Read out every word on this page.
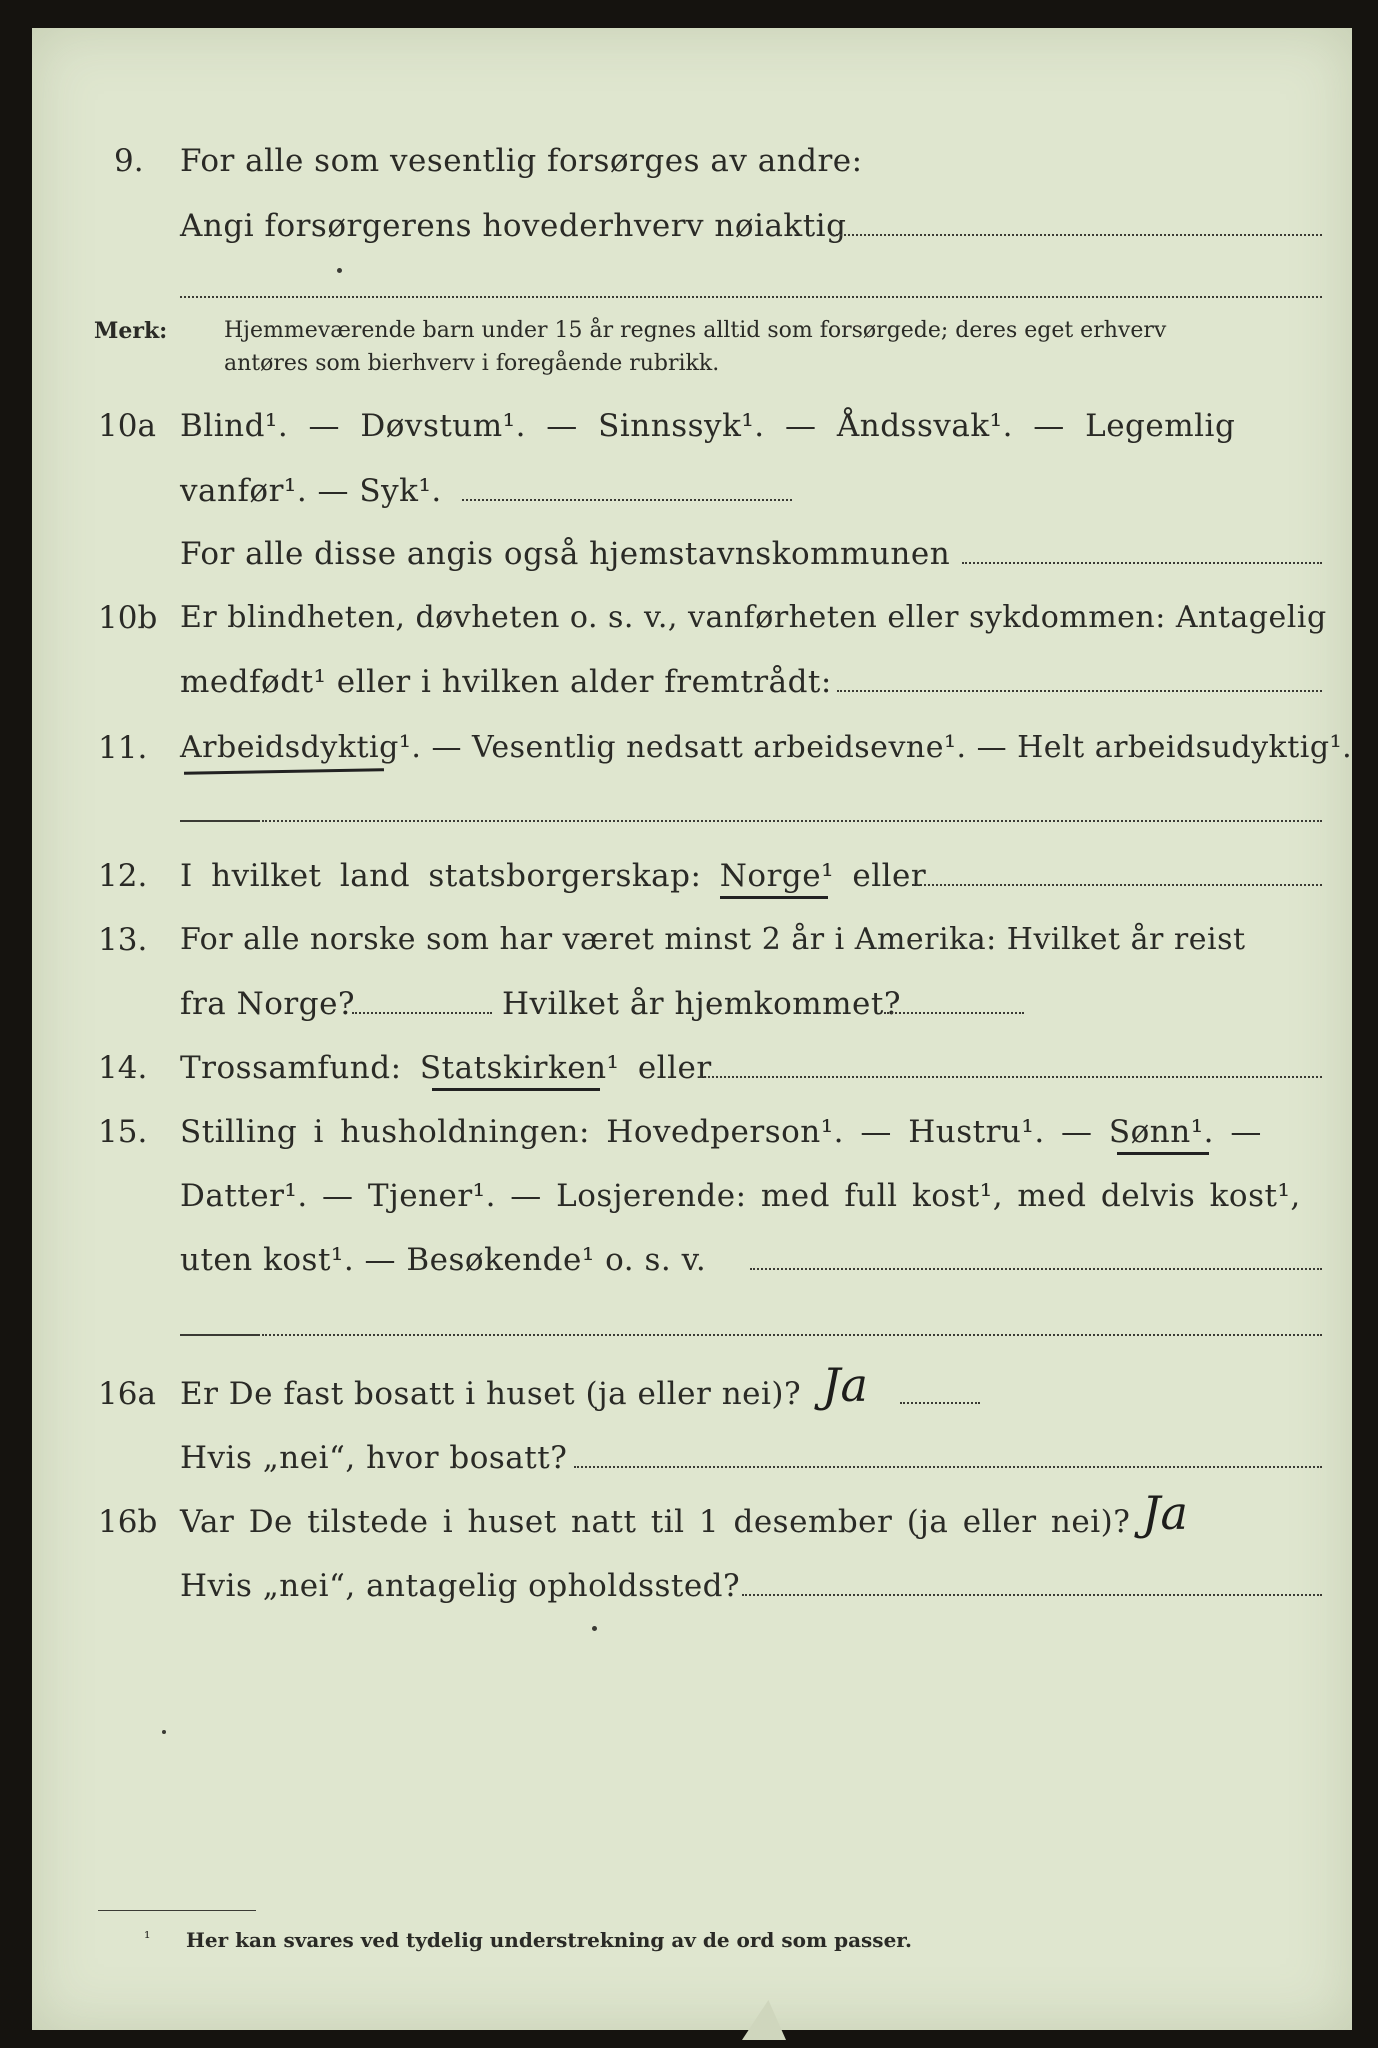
9. For alle som vesentlig forsørges av andre:
Angi forsørgerens hovederhverv nøiaktig
Merk:	Hjemmeværende barn under 15 år regnes alltid som forsørgede; deres eget erhverv
antøres som bierhverv i foregående rubrikk.
10a Blind¹. — Døvstum¹. — Sinnssyk¹. — Åndssvak¹. — Legemlig
vanfør¹. — Syk¹.
For alle disse angis også hjemstavnskommunen
10b Er blindheten, døvheten o. s. v., vanførheten eller sykdommen: Antagelig
medfødt¹ eller i hvilken alder fremtrådt:
11. Arbeidsdyktig¹. — Vesentlig nedsatt arbeidsevne¹. — Helt arbeidsudyktig¹.
12. I hvilket land statsborgerskap: Norge¹ eller
13. For alle norske som har været minst 2 år i Amerika: Hvilket år reist
fra Norge?	Hvilket år hjemkommet?
14. Trossamfund: Statskirken¹ eller
15. Stilling i husholdningen: Hovedperson¹. — Hustru¹. — Sønn¹. —
Datter¹. — Tjener¹. — Losjerende: med full kost¹, med delvis kost¹,
uten kost¹. — Besøkende¹ o. s. v.
16a Er De fast bosatt i huset (ja eller nei)? Ja
Hvis „nei“, hvor bosatt?
16b Var De tilstede i huset natt til 1 desember (ja eller nei)? Ja
Hvis „nei“, antagelig opholdssted?
¹ Her kan svares ved tydelig understrekning av de ord som passer.
